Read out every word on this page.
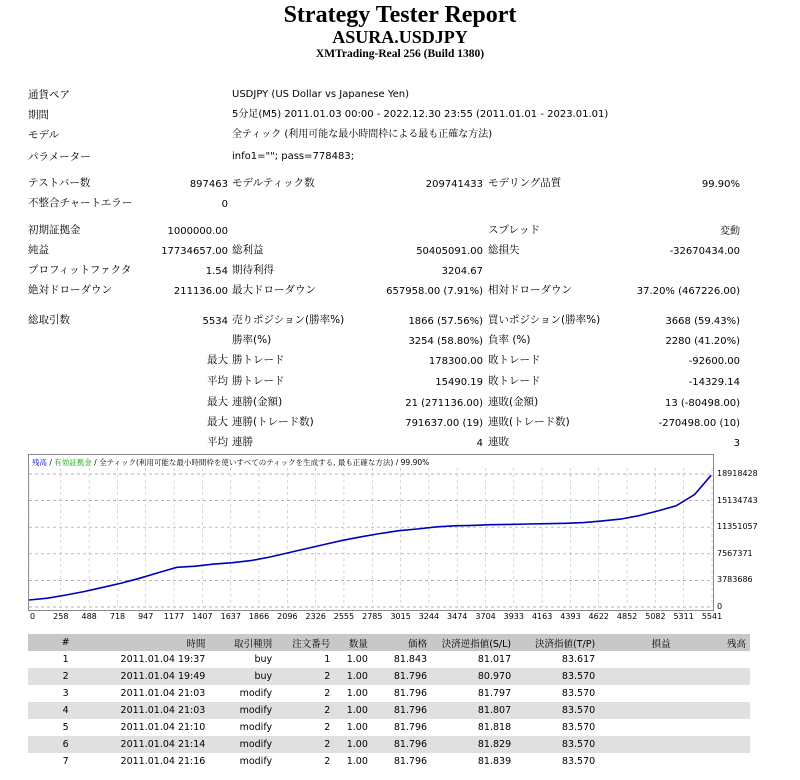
Strategy Tester Report
ASURA.USDJPY
XMTrading-Real 256 (Build 1380)
通貨ペア	USDJPY (US Dollar vs Japanese Yen)
期間	5分足(M5) 2011.01.03 00:00 - 2022.12.30 23:55 (2011.01.01 - 2023.01.01)
モデル	全ティック (利用可能な最小時間枠による最も正確な方法)
パラメーター	info1=""; pass=778483;
テストバー数	897463 モデルティック数	209741433 モデリング品質	99.90%
不整合チャートエラー	0
初期証拠金	1000000.00	スプレッド	変動
純益	17734657.00 総利益	50405091.00 総損失	-32670434.00
プロフィットファクタ	1.54 期待利得	3204.67
絶対ドローダウン	211136.00 最大ドローダウン	657958.00 (7.91%) 相対ドローダウン	37.20% (467226.00)
総取引数	5534 売りポジション(勝率%)	1866 (57.56%) 買いポジション(勝率%)	3668 (59.43%)
勝率(%)	3254 (58.80%) 負率 (%)	2280 (41.20%)
最大 勝トレード	178300.00 敗トレード	-92600.00
平均 勝トレード	15490.19 敗トレード	-14329.14
最大 連勝(金額)	21 (271136.00) 連敗(金額)	13 (-80498.00)
最大 連勝(トレード数)	791637.00 (19) 連敗(トレード数)	-270498.00 (10)
平均 連勝	4 連敗	3
残高 / 有効証拠金 / 全ティック(利用可能な最小時間枠を使いすべてのティックを生成する, 最も正確な方法) / 99.90%
18918428
15134743
11351057
7567371
3783686
0
0 258 488 718 947 1177 1407 1637 1866 2096 2326 2555 2785 3015 3244 3474 3704 3933 4163 4393 4622 4852 5082 5311 5541
#	時間	取引種別	注文番号	数量	価格	決済逆指値(S/L)	決済指値(T/P)	損益	残高
1	2011.01.04 19:37	buy	1	1.00	81.843	81.017	83.617		
2	2011.01.04 19:49	buy	2	1.00	81.796	80.970	83.570		
3	2011.01.04 21:03	modify	2	1.00	81.796	81.797	83.570		
4	2011.01.04 21:03	modify	2	1.00	81.796	81.807	83.570		
5	2011.01.04 21:10	modify	2	1.00	81.796	81.818	83.570		
6	2011.01.04 21:14	modify	2	1.00	81.796	81.829	83.570		
7	2011.01.04 21:16	modify	2	1.00	81.796	81.839	83.570		
